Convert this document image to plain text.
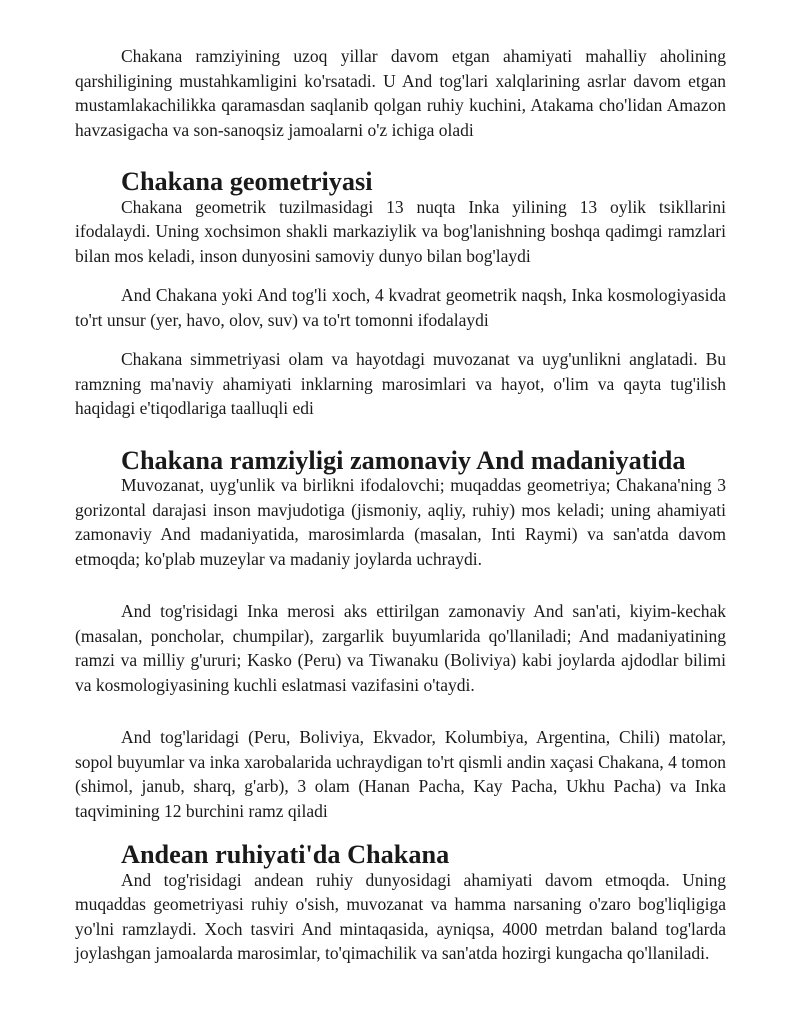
Chakana ramziyining uzoq yillar davom etgan ahamiyati mahalliy aholining qarshiligining mustahkamligini ko'rsatadi. U And tog'lari xalqlarining asrlar davom etgan mustamlakachilikka qaramasdan saqlanib qolgan ruhiy kuchini, Atakama cho'lidan Amazon havzasigacha va son-sanoqsiz jamoalarni o'z ichiga oladi

Chakana geometriyasi

Chakana geometrik tuzilmasidagi 13 nuqta Inka yilining 13 oylik tsikllarini ifodalaydi. Uning xochsimon shakli markaziylik va bog'lanishning boshqa qadimgi ramzlari bilan mos keladi, inson dunyosini samoviy dunyo bilan bog'laydi

And Chakana yoki And tog'li xoch, 4 kvadrat geometrik naqsh, Inka kosmologiyasida to'rt unsur (yer, havo, olov, suv) va to'rt tomonni ifodalaydi

Chakana simmetriyasi olam va hayotdagi muvozanat va uyg'unlikni anglatadi. Bu ramzning ma'naviy ahamiyati inklarning marosimlari va hayot, o'lim va qayta tug'ilish haqidagi e'tiqodlariga taalluqli edi

Chakana ramziyligi zamonaviy And madaniyatida

Muvozanat, uyg'unlik va birlikni ifodalovchi; muqaddas geometriya; Chakana'ning 3 gorizontal darajasi inson mavjudotiga (jismoniy, aqliy, ruhiy) mos keladi; uning ahamiyati zamonaviy And madaniyatida, marosimlarda (masalan, Inti Raymi) va san'atda davom etmoqda; ko'plab muzeylar va madaniy joylarda uchraydi.

And tog'risidagi Inka merosi aks ettirilgan zamonaviy And san'ati, kiyim-kechak (masalan, poncholar, chumpilar), zargarlik buyumlarida qo'llaniladi; And madaniyatining ramzi va milliy g'ururi; Kasko (Peru) va Tiwanaku (Boliviya) kabi joylarda ajdodlar bilimi va kosmologiyasining kuchli eslatmasi vazifasini o'taydi.

And tog'laridagi (Peru, Boliviya, Ekvador, Kolumbiya, Argentina, Chili) matolar, sopol buyumlar va inka xarobalarida uchraydigan to'rt qismli andin xaçasi Chakana, 4 tomon (shimol, janub, sharq, g'arb), 3 olam (Hanan Pacha, Kay Pacha, Ukhu Pacha) va Inka taqvimining 12 burchini ramz qiladi

Andean ruhiyati'da Chakana

And tog'risidagi andean ruhiy dunyosidagi ahamiyati davom etmoqda. Uning muqaddas geometriyasi ruhiy o'sish, muvozanat va hamma narsaning o'zaro bog'liqligiga yo'lni ramzlaydi. Xoch tasviri And mintaqasida, ayniqsa, 4000 metrdan baland tog'larda joylashgan jamoalarda marosimlar, to'qimachilik va san'atda hozirgi kungacha qo'llaniladi.
